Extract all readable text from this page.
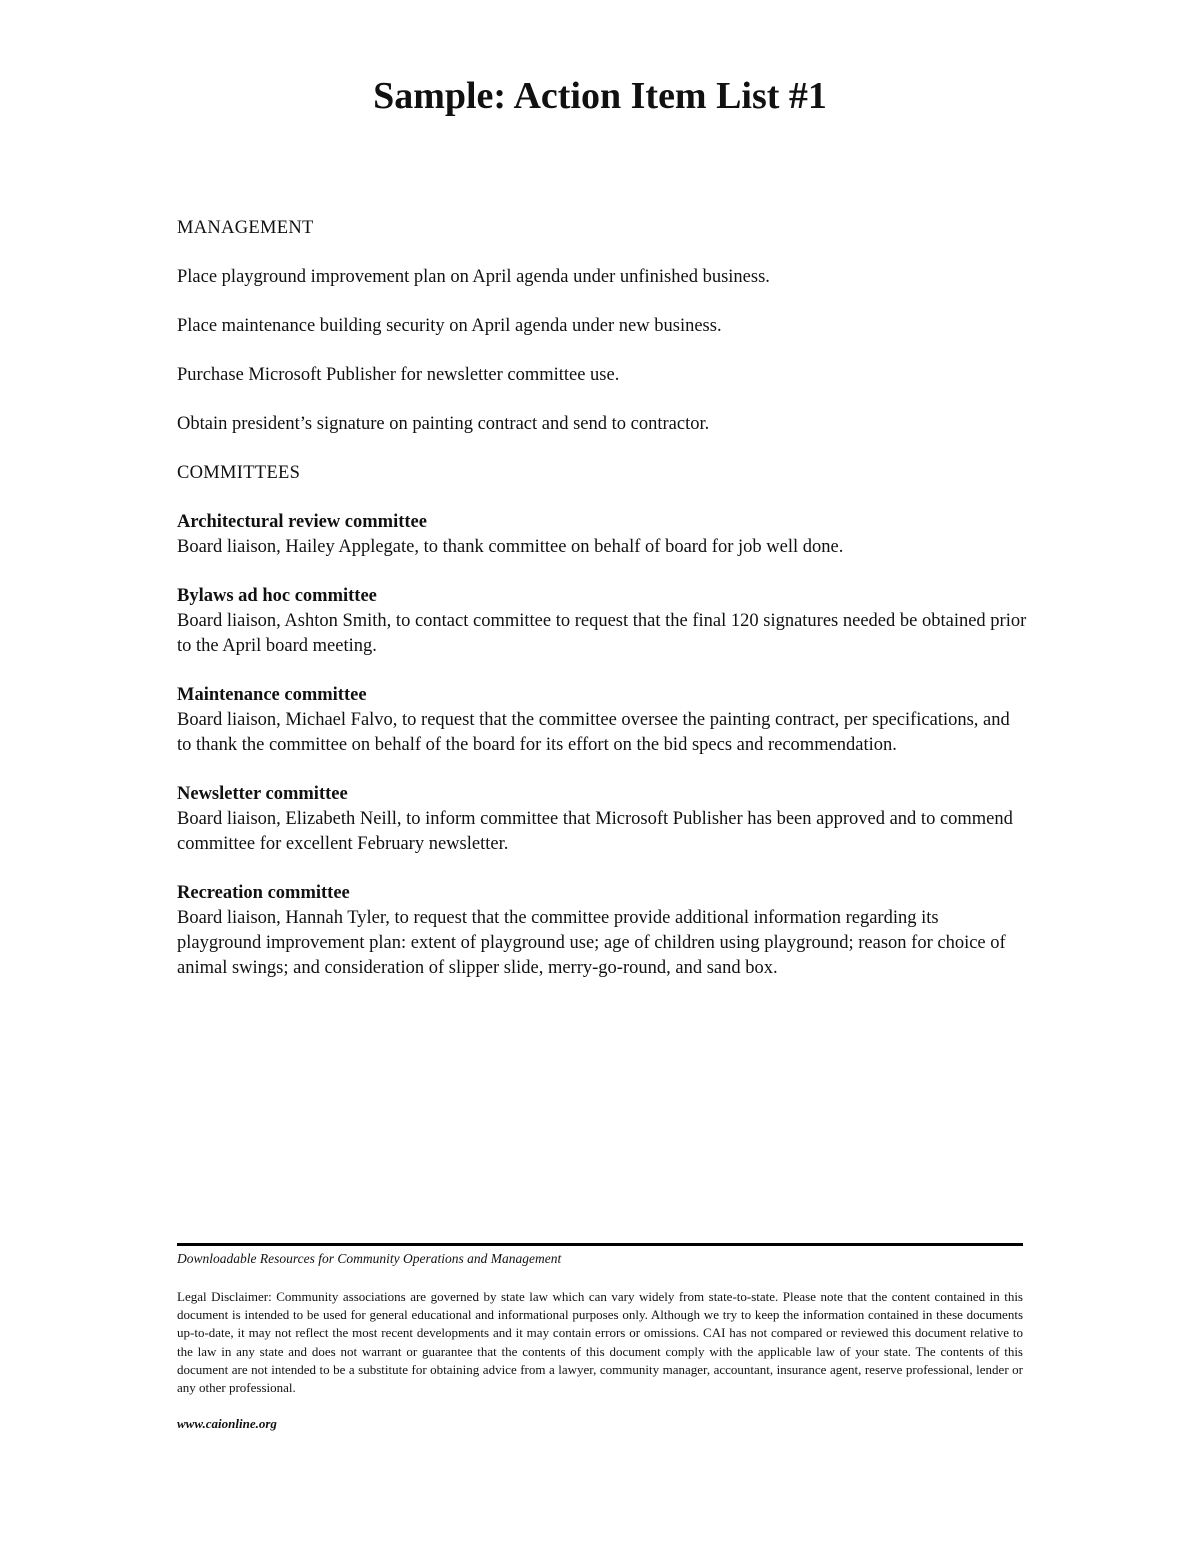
Sample: Action Item List #1

MANAGEMENT

Place playground improvement plan on April agenda under unfinished business.

Place maintenance building security on April agenda under new business.

Purchase Microsoft Publisher for newsletter committee use.

Obtain president’s signature on painting contract and send to contractor.

COMMITTEES

Architectural review committee
Board liaison, Hailey Applegate, to thank committee on behalf of board for job well done.
Bylaws ad hoc committee
Board liaison, Ashton Smith, to contact committee to request that the final 120 signatures needed be obtained prior to the April board meeting.
Maintenance committee
Board liaison, Michael Falvo, to request that the committee oversee the painting contract, per specifications, and to thank the committee on behalf of the board for its effort on the bid specs and recommendation.
Newsletter committee
Board liaison, Elizabeth Neill, to inform committee that Microsoft Publisher has been approved and to commend committee for excellent February newsletter.
Recreation committee
Board liaison, Hannah Tyler, to request that the committee provide additional information regarding its playground improvement plan: extent of playground use; age of children using playground; reason for choice of animal swings; and consideration of slipper slide, merry-go-round, and sand box.

Downloadable Resources for Community Operations and Management

Legal Disclaimer: Community associations are governed by state law which can vary widely from state-to-state. Please note that the content contained in this document is intended to be used for general educational and informational purposes only. Although we try to keep the information contained in these documents up-to-date, it may not reflect the most recent developments and it may contain errors or omissions. CAI has not compared or reviewed this document relative to the law in any state and does not warrant or guarantee that the contents of this document comply with the applicable law of your state. The contents of this document are not intended to be a substitute for obtaining advice from a lawyer, community manager, accountant, insurance agent, reserve professional, lender or any other professional.

www.caionline.org
